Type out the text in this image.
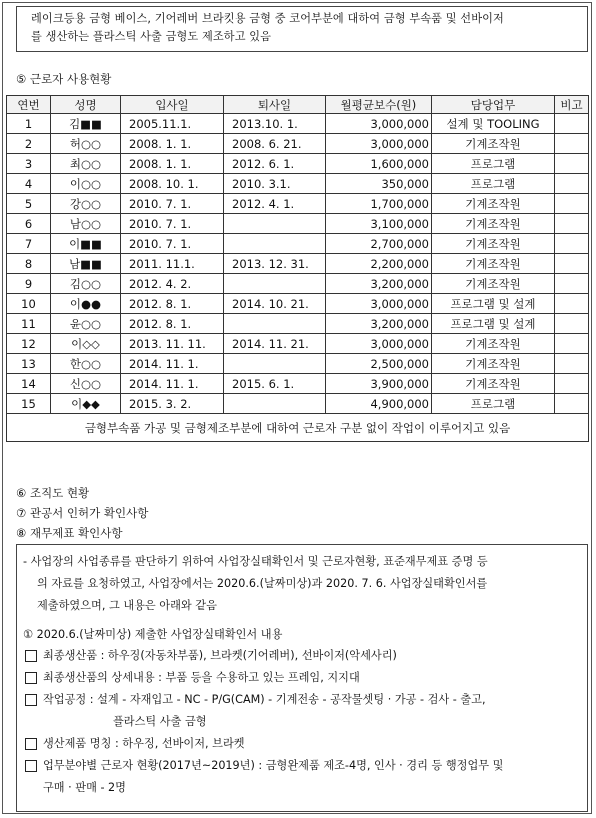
레이크등용 금형 베이스, 기어레버 브라킷용 금형 중 코어부분에 대하여 금형 부속품 및 선바이저
를 생산하는 플라스틱 사출 금형도 제조하고 있음
⑤ 근로자 사용현황
연번	성명	입사일	퇴사일	월평균보수(원)	담당업무	비고
1	김■■	2005.11.1.	2013.10. 1.	3,000,000	설계 및 TOOLING	
2	허○○	2008. 1. 1.	2008. 6. 21.	3,000,000	기계조작원	
3	최○○	2008. 1. 1.	2012. 6. 1.	1,600,000	프로그램	
4	이○○	2008. 10. 1.	2010. 3.1.	350,000	프로그램	
5	강○○	2010. 7. 1.	2012. 4. 1.	1,700,000	기계조작원	
6	남○○	2010. 7. 1.		3,100,000	기계조작원	
7	이■■	2010. 7. 1.		2,700,000	기계조작원	
8	남■■	2011. 11.1.	2013. 12. 31.	2,200,000	기계조작원	
9	김○○	2012. 4. 2.		3,200,000	기계조작원	
10	이●●	2012. 8. 1.	2014. 10. 21.	3,000,000	프로그램 및 설계	
11	윤○○	2012. 8. 1.		3,200,000	프로그램 및 설계	
12	이◇◇	2013. 11. 11.	2014. 11. 21.	3,000,000	기계조작원	
13	한○○	2014. 11. 1.		2,500,000	기계조작원	
14	신○○	2014. 11. 1.	2015. 6. 1.	3,900,000	기계조작원	
15	이◆◆	2015. 3. 2.		4,900,000	프로그램	
금형부속품 가공 및 금형제조부분에 대하여 근로자 구분 없이 작업이 이루어지고 있음						
⑥ 조직도 현황
⑦ 관공서 인허가 확인사항
⑧ 재무제표 확인사항
- 사업장의 사업종류를 판단하기 위하여 사업장실태확인서 및 근로자현황, 표준재무제표 증명 등
의 자료를 요청하였고, 사업장에서는 2020.6.(날짜미상)과 2020. 7. 6. 사업장실태확인서를
제출하였으며, 그 내용은 아래와 같음
① 2020.6.(날짜미상) 제출한 사업장실태확인서 내용
최종생산품 : 하우징(자동차부품), 브라켓(기어레버), 선바이저(악세사리)
최종생산품의 상세내용 : 부품 등을 수용하고 있는 프레임, 지지대
작업공정 : 설계 - 자재입고 - NC - P/G(CAM) - 기계전송 - 공작물셋팅 · 가공 - 검사 - 출고,
플라스틱 사출 금형
생산제품 명칭 : 하우징, 선바이저, 브라켓
업무분야별 근로자 현황(2017년~2019년) : 금형완제품 제조-4명, 인사 · 경리 등 행정업무 및
구매 · 판매 - 2명
